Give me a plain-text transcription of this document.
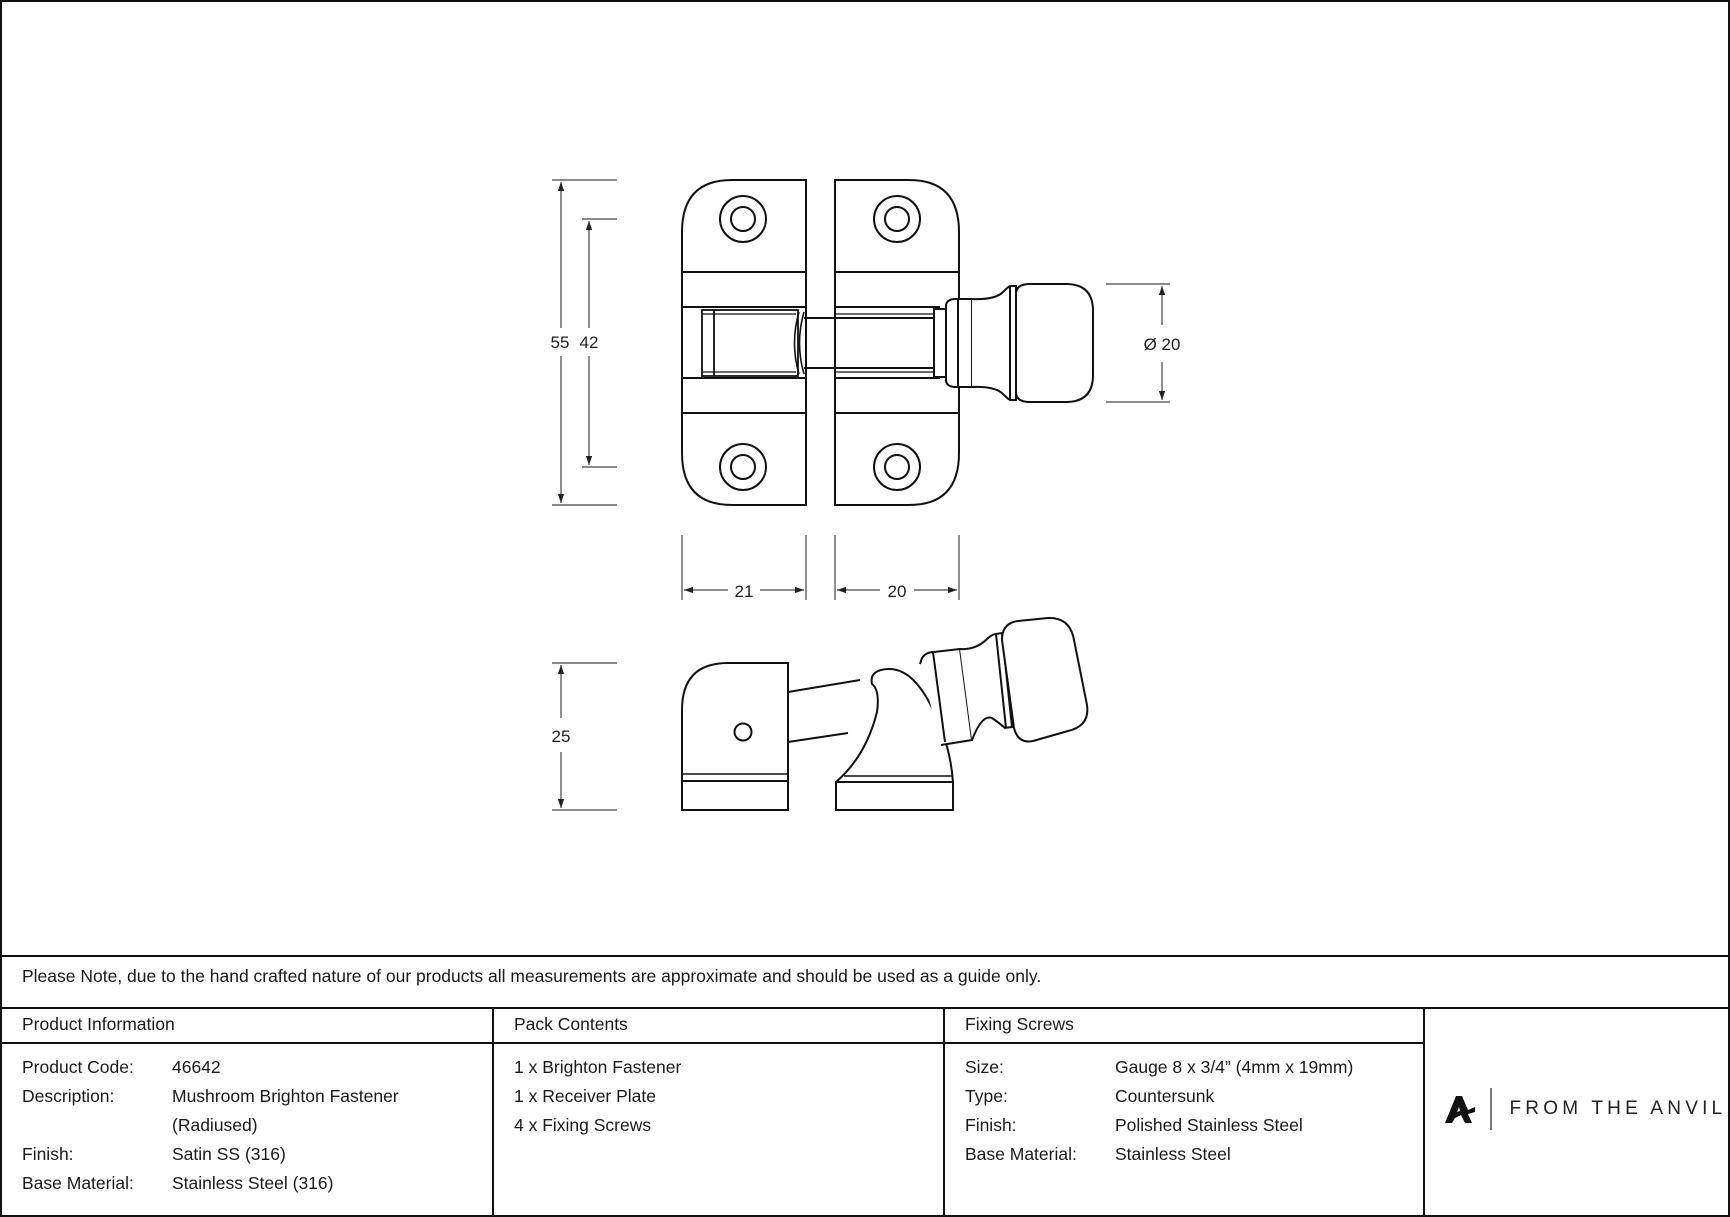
55 42
21	20
Ø 20
25
Please Note, due to the hand crafted nature of our products all measurements are approximate and should be used as a guide only.
Product Information
Product Code:	46642
Description:	Mushroom Brighton Fastener
(Radiused)
Finish:	Satin SS (316)
Base Material:	Stainless Steel (316)
Pack Contents
1 x Brighton Fastener
1 x Receiver Plate
4 x Fixing Screws
Fixing Screws
Size:	Gauge 8 x 3/4” (4mm x 19mm)
Type:	Countersunk
Finish:	Polished Stainless Steel
Base Material:	Stainless Steel
FROM THE ANVIL
